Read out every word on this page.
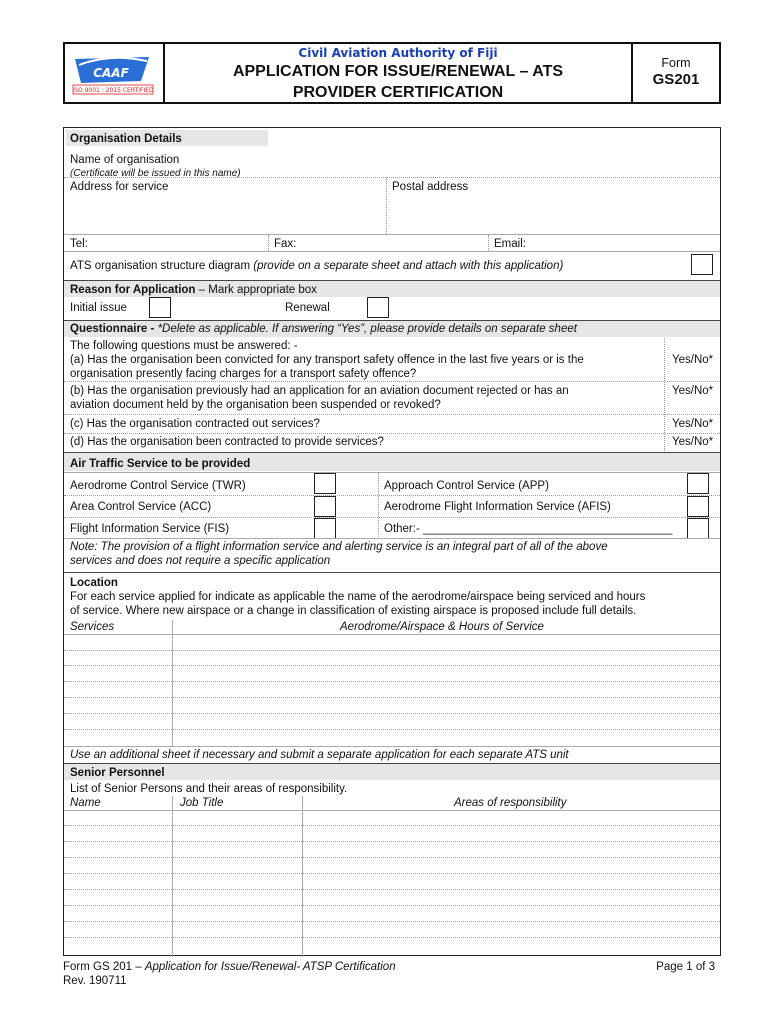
CAAF
ISO 9001 : 2015 CERTIFIED
Civil Aviation Authority of Fiji
APPLICATION FOR ISSUE/RENEWAL – ATS
PROVIDER CERTIFICATION
Form
GS201
Organisation Details
Name of organisation
(Certificate will be issued in this name)
Address for service	Postal address
Tel:	Fax:	Email:
ATS organisation structure diagram (provide on a separate sheet and attach with this application)
Reason for Application – Mark appropriate box
Initial issue	Renewal
Questionnaire - *Delete as applicable. If answering “Yes”, please provide details on separate sheet
The following questions must be answered: -
(a) Has the organisation been convicted for any transport safety offence in the last five years or is the
organisation presently facing charges for a transport safety offence?
Yes/No*
(b) Has the organisation previously had an application for an aviation document rejected or has an
aviation document held by the organisation been suspended or revoked?
Yes/No*
(c) Has the organisation contracted out services?	Yes/No*
(d) Has the organisation been contracted to provide services?	Yes/No*
Air Traffic Service to be provided
Aerodrome Control Service (TWR)	Approach Control Service (APP)
Area Control Service (ACC)	Aerodrome Flight Information Service (AFIS)
Flight Information Service (FIS)	Other:- _______________________________________
Note: The provision of a flight information service and alerting service is an integral part of all of the above
services and does not require a specific application
Location
For each service applied for indicate as applicable the name of the aerodrome/airspace being serviced and hours
of service. Where new airspace or a change in classification of existing airspace is proposed include full details.
Services	Aerodrome/Airspace & Hours of Service
Use an additional sheet if necessary and submit a separate application for each separate ATS unit
Senior Personnel
List of Senior Persons and their areas of responsibility.
Name	Job Title	Areas of responsibility
Form GS 201 – Application for Issue/Renewal- ATSP Certification
Rev. 190711
Page 1 of 3
